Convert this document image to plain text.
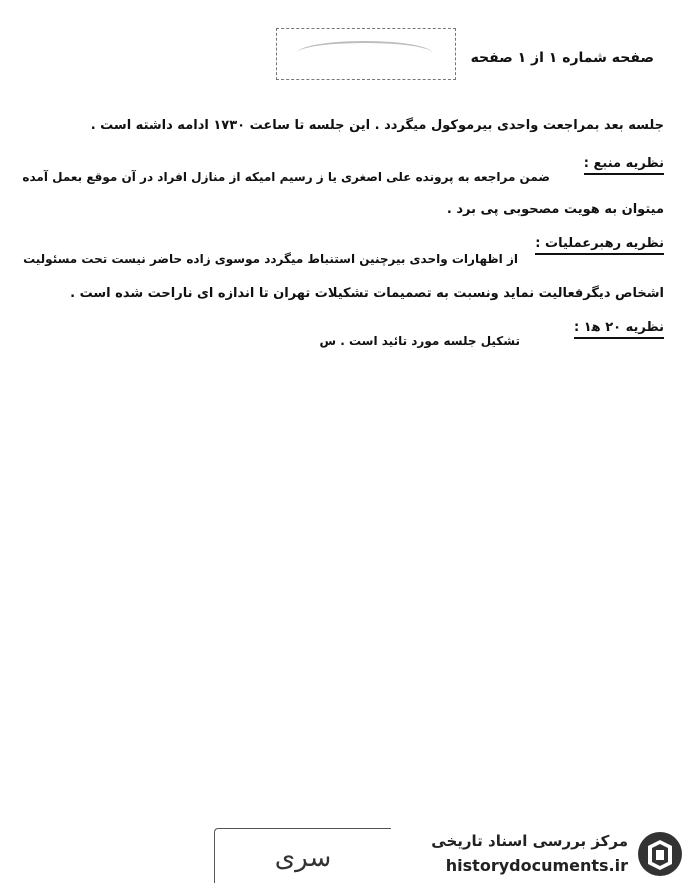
صفحه شماره ۱ از ۱ صفحه
جلسه بعد بمراجعت واحدی بیرموکول میگردد . این جلسه تا ساعت ۱۷۳۰ ادامه داشته است .
نظریه منبع :
ضمن مراجعه به پرونده علی اصغری یا ز رسیم امیکه از منازل افراد در آن موقع بعمل آمده
میتوان به هویت مصحوبی پی برد .
نظریه رهبرعملیات :
از اظهارات واحدی بیرچنین استنباط میگردد موسوی زاده حاضر نیست تحت مسئولیت
اشخاص دیگرفعالیت نماید ونسبت به تصمیمات تشکیلات تهران تا اندازه ای ناراحت شده است .
نظریه ۲۰ ه‍۱ :
تشکیل جلسه مورد تائید است . س
سری
مرکز بررسی اسناد تاریخی
historydocuments.ir
